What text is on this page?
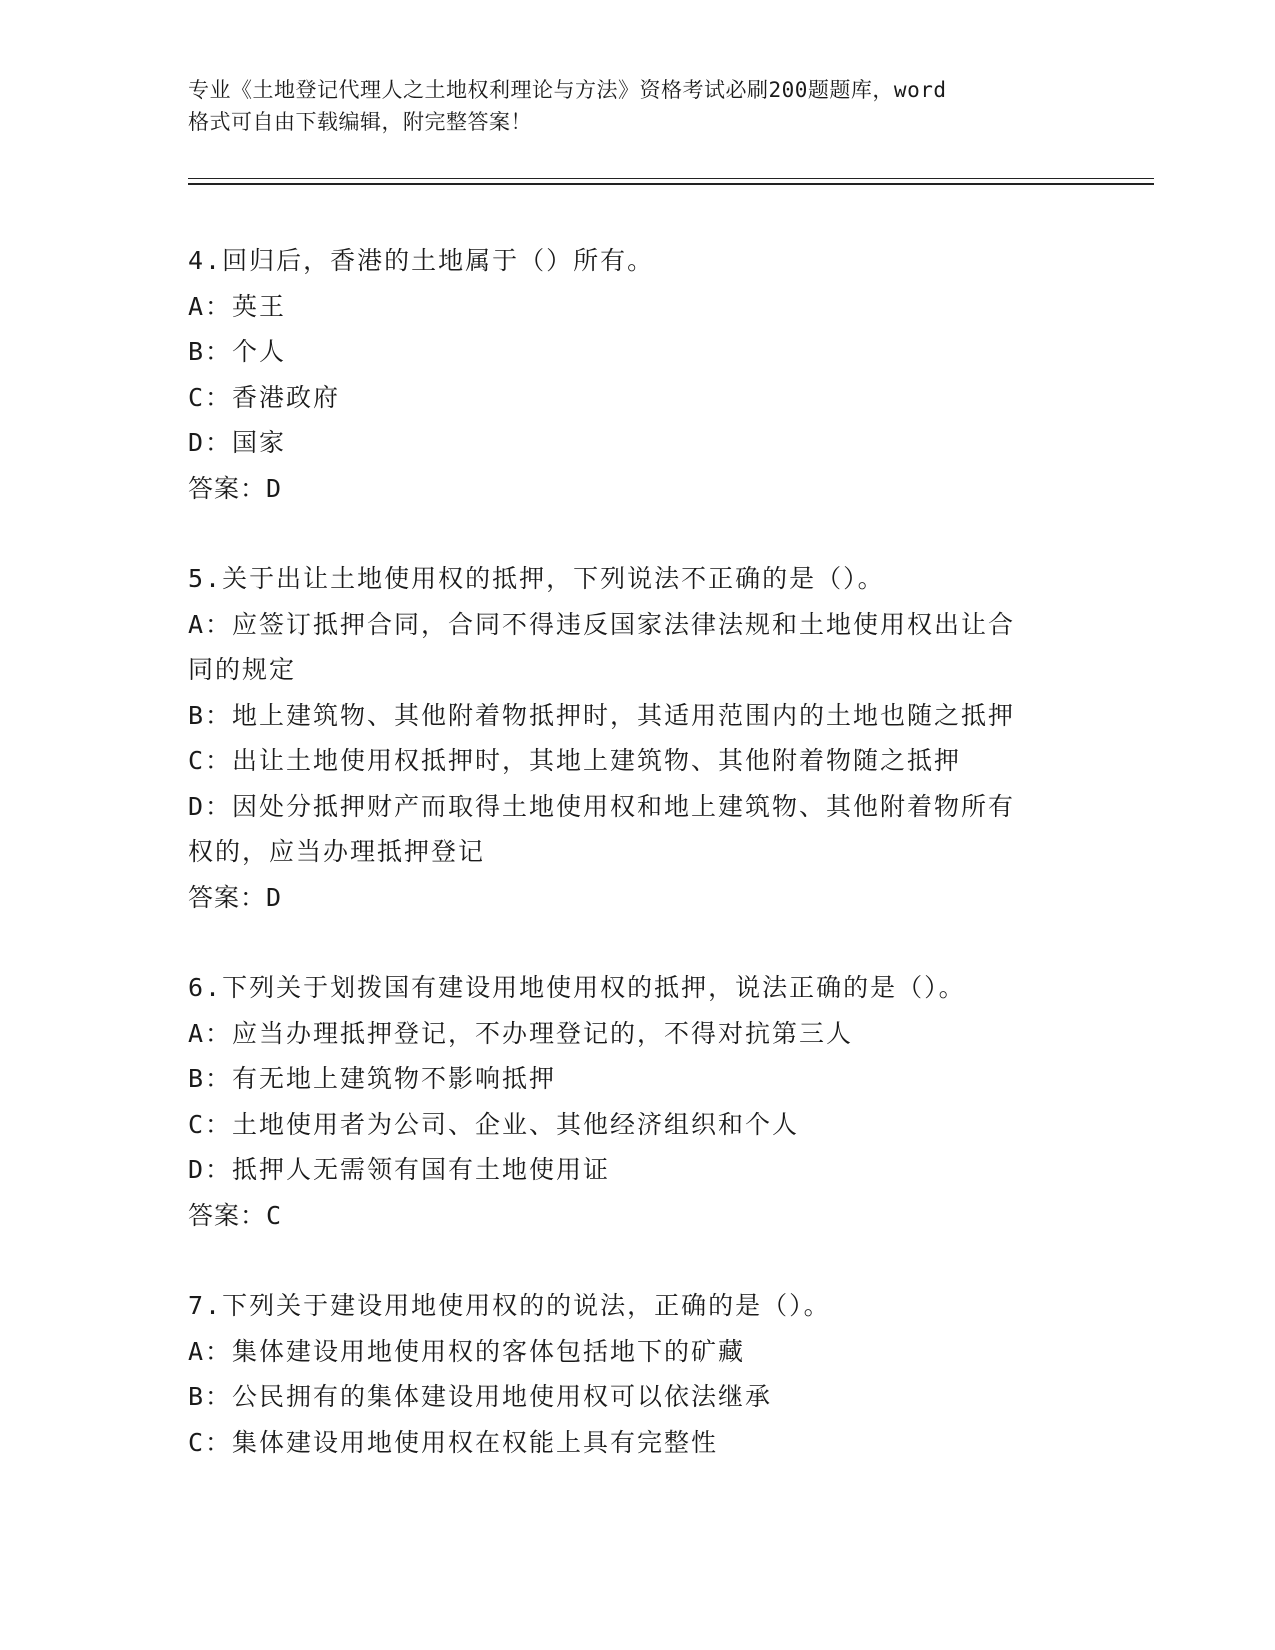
专业《土地登记代理人之土地权利理论与方法》资格考试必刷200题题库，word
格式可自由下载编辑，附完整答案！

4.回归后，香港的土地属于（）所有。

A：英王

B：个人

C：香港政府

D：国家

答案：D

5.关于出让土地使用权的抵押，下列说法不正确的是（）。

A：应签订抵押合同，合同不得违反国家法律法规和土地使用权出让合

同的规定

B：地上建筑物、其他附着物抵押时，其适用范围内的土地也随之抵押

C：出让土地使用权抵押时，其地上建筑物、其他附着物随之抵押

D：因处分抵押财产而取得土地使用权和地上建筑物、其他附着物所有

权的，应当办理抵押登记

答案：D

6.下列关于划拨国有建设用地使用权的抵押，说法正确的是（）。

A：应当办理抵押登记，不办理登记的，不得对抗第三人

B：有无地上建筑物不影响抵押

C：土地使用者为公司、企业、其他经济组织和个人

D：抵押人无需领有国有土地使用证

答案：C

7.下列关于建设用地使用权的的说法，正确的是（）。

A：集体建设用地使用权的客体包括地下的矿藏

B：公民拥有的集体建设用地使用权可以依法继承

C：集体建设用地使用权在权能上具有完整性
